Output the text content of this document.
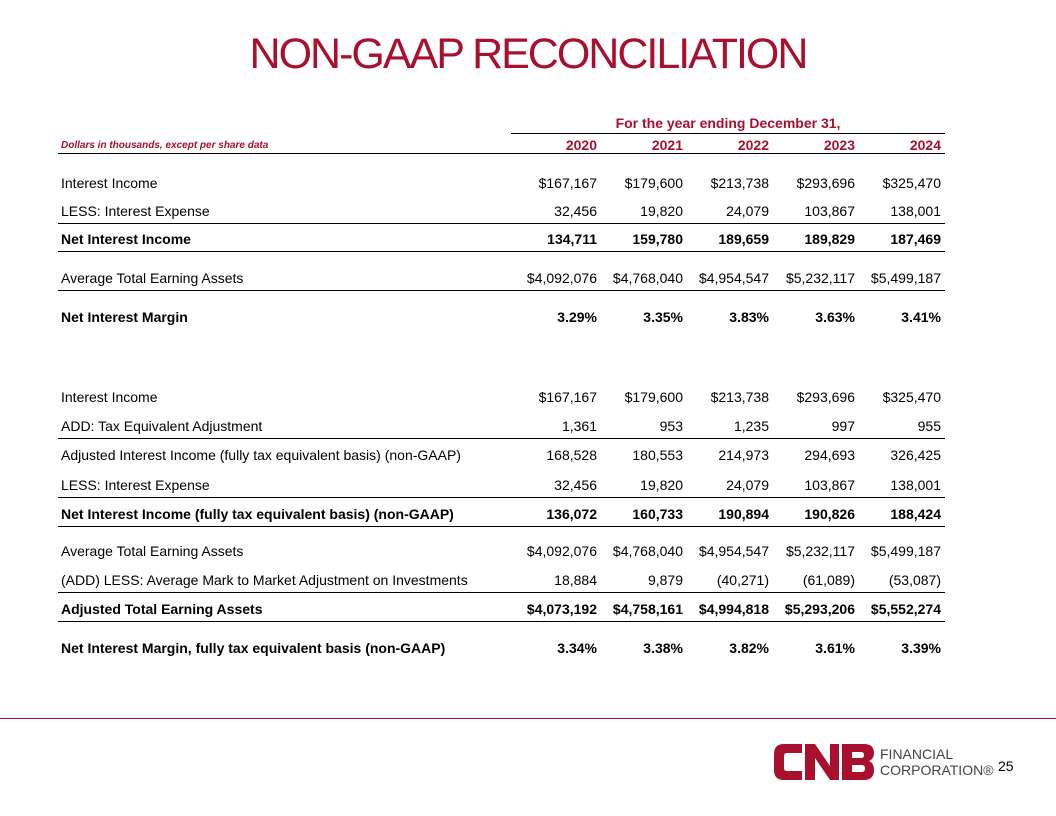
NON-GAAP RECONCILIATION
For the year ending December 31,
Dollars in thousands, except per share data	2020	2021	2022	2023	2024
Interest Income	$167,167	$179,600	$213,738	$293,696	$325,470
LESS: Interest Expense	32,456	19,820	24,079	103,867	138,001
Net Interest Income	134,711	159,780	189,659	189,829	187,469
Average Total Earning Assets	$4,092,076	$4,768,040	$4,954,547	$5,232,117	$5,499,187
Net Interest Margin	3.29%	3.35%	3.83%	3.63%	3.41%
Interest Income	$167,167	$179,600	$213,738	$293,696	$325,470
ADD: Tax Equivalent Adjustment	1,361	953	1,235	997	955
Adjusted Interest Income (fully tax equivalent basis) (non-GAAP)	168,528	180,553	214,973	294,693	326,425
LESS: Interest Expense	32,456	19,820	24,079	103,867	138,001
Net Interest Income (fully tax equivalent basis) (non-GAAP)	136,072	160,733	190,894	190,826	188,424
Average Total Earning Assets	$4,092,076	$4,768,040	$4,954,547	$5,232,117	$5,499,187
(ADD) LESS: Average Mark to Market Adjustment on Investments	18,884	9,879	(40,271)	(61,089)	(53,087)
Adjusted Total Earning Assets	$4,073,192	$4,758,161	$4,994,818	$5,293,206	$5,552,274
Net Interest Margin, fully tax equivalent basis (non-GAAP)	3.34%	3.38%	3.82%	3.61%	3.39%
FINANCIAL
CORPORATION® 25
